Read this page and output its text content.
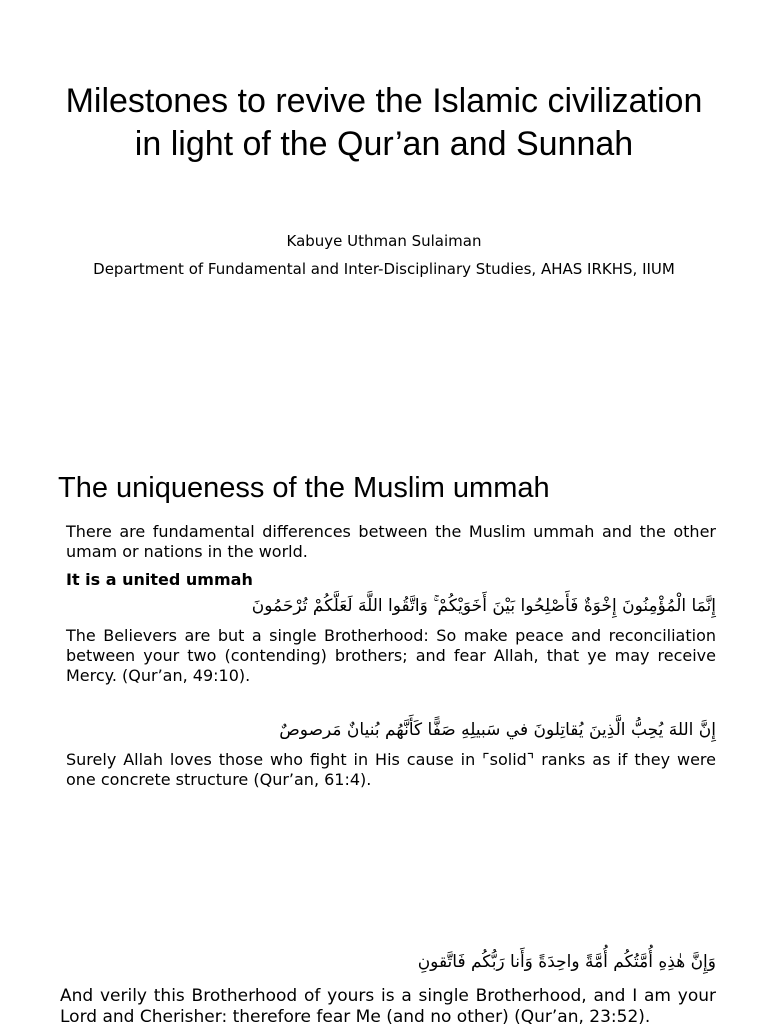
Milestones to revive the Islamic civilization in light of the Qur’an and Sunnah
Kabuye Uthman Sulaiman
Department of Fundamental and Inter-Disciplinary Studies, AHAS IRKHS, IIUM
The uniqueness of the Muslim ummah
There are fundamental differences between the Muslim ummah and the other umam or nations in the world.
It is a united ummah
إِنَّمَا الْمُؤْمِنُونَ إِخْوَةٌ فَأَصْلِحُوا بَيْنَ أَخَوَيْكُمْ ۚ وَاتَّقُوا اللَّهَ لَعَلَّكُمْ تُرْحَمُونَ
The Believers are but a single Brotherhood: So make peace and reconciliation between your two (contending) brothers; and fear Allah, that ye may receive Mercy. (Qur’an, 49:10).
إِنَّ اللهَ يُحِبُّ الَّذِينَ يُقاتِلونَ في سَبيلِهِ صَفًّا كَأَنَّهُم بُنيانٌ مَرصوصٌ
Surely Allah loves those who fight in His cause in ⌜solid⌝ ranks as if they were one concrete structure (Qur’an, 61:4).
وَإِنَّ هٰذِهِ أُمَّتُكُم أُمَّةً واحِدَةً وَأَنا رَبُّكُم فَاتَّقونِ
And verily this Brotherhood of yours is a single Brotherhood, and I am your Lord and Cherisher: therefore fear Me (and no other) (Qur’an, 23:52).
